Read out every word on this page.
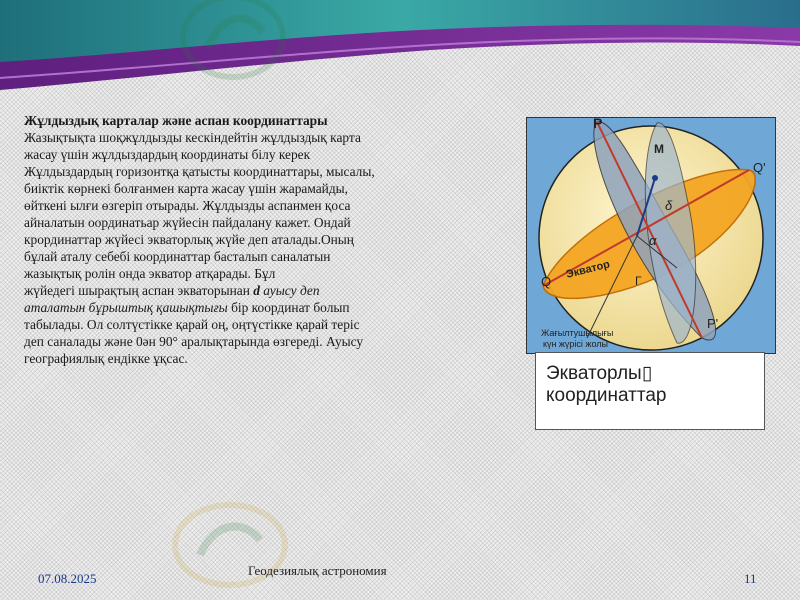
Жұлдыздық карталар және аспан координаттары

Жазықтықта шоқжұлдызды кескіндейтін жұлдыздық карта

жасау үшін жұлдыздардың координаты білу керек

Жұлдыздардың горизонтқа қатысты координаттары, мысалы,

биіктік көрнекі болғанмен карта жасау үшін жарамайды,

өйткені ылғи өзгеріп отырады. Жұлдызды аспанмен қоса

айналатын оординатьар жүйесін пайдалану кажет. Ондай

крординаттар жүйесі экваторлық жүйе деп аталады.Оның

бұлай аталу себебі координаттар басталып саналатын

жазықтық ролін онда экватор атқарады. Бұл

жүйедегі шырақтың аспан экваторынан d ауысу деп

аталатын бұрыштық қашықтығы бір координат болып

табылады. Ол солтүстікке қарай оң, оңтүстікке қарай теріс

деп саналады және 0ән 90° аралықтарында өзгереді. Ауысу

географиялық ендікке ұқсас.

P
M
Q'
δ
α
Экватор
Q	Γ
P'
Жағылтушылығы
күн жүрісі жолы
Экваторлы▯
координаттар
07.08.2025
Геодезиялық астрономия
11
